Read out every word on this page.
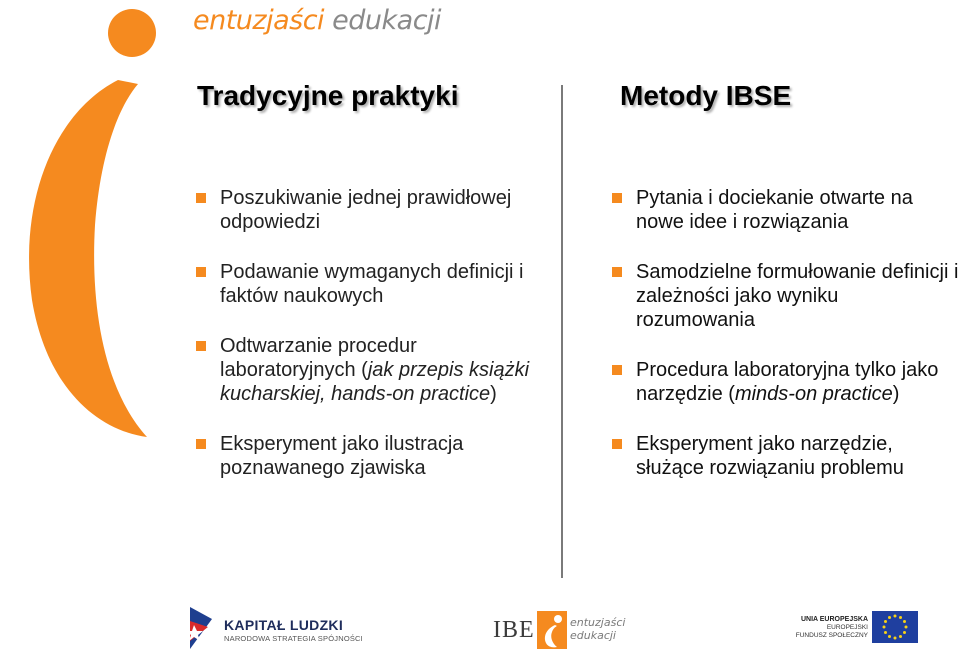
entuzjaści edukacji
Tradycyjne praktyki	Metody IBSE
Poszukiwanie jednej prawidłowej odpowiedzi
Podawanie wymaganych definicji i faktów naukowych
Odtwarzanie procedur laboratoryjnych (jak przepis książki kucharskiej, hands-on practice)
Eksperyment jako ilustracja poznawanego zjawiska
Pytania i dociekanie otwarte na nowe idee i rozwiązania
Samodzielne formułowanie definicji i zależności jako wyniku rozumowania
Procedura laboratoryjna tylko jako narzędzie (minds-on practice)
Eksperyment jako narzędzie, służące rozwiązaniu problemu
KAPITAŁ LUDZKI
NARODOWA STRATEGIA SPÓJNOŚCI	IBE	entuzjaści
edukacji
UNIA EUROPEJSKA
EUROPEJSKI
FUNDUSZ SPOŁECZNY
